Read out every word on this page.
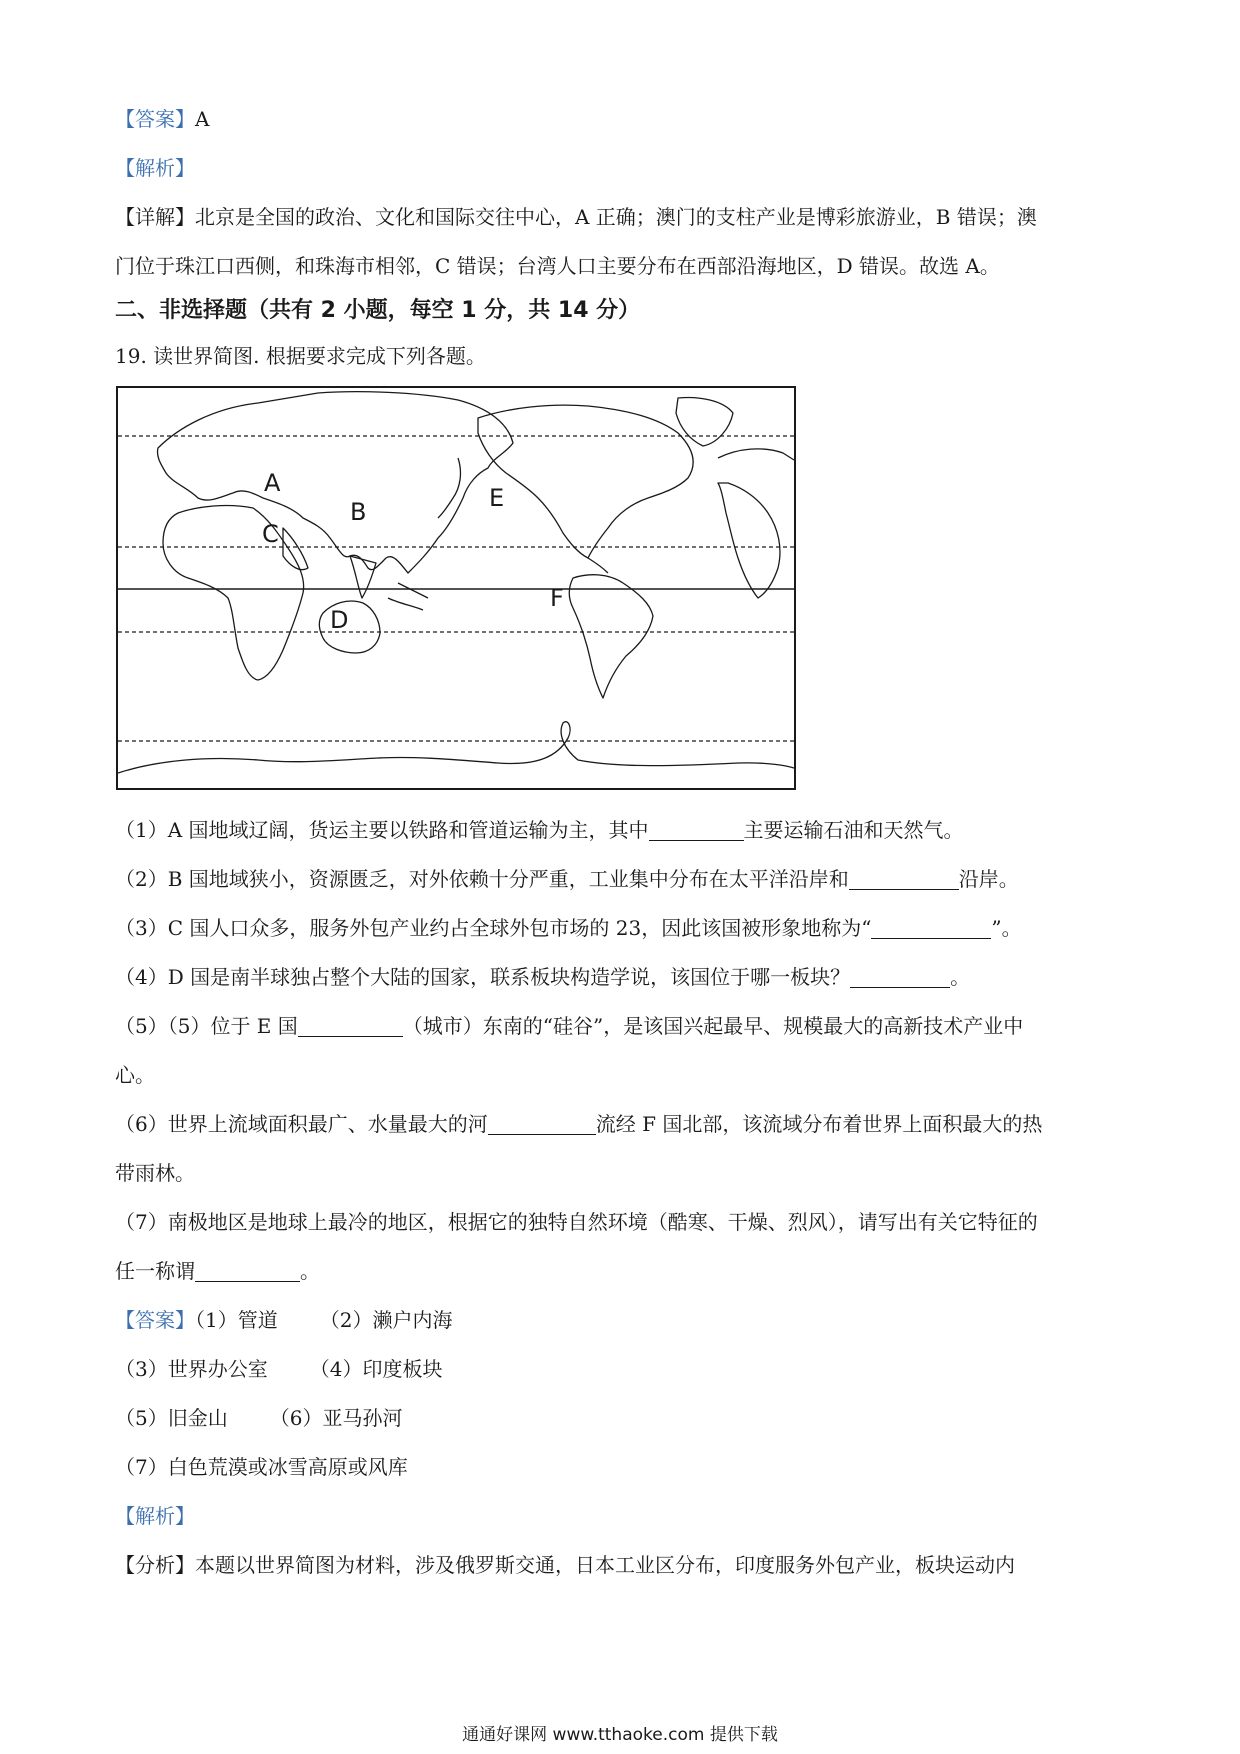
【答案】A
【解析】
【详解】北京是全国的政治、文化和国际交往中心，A 正确；澳门的支柱产业是博彩旅游业，B 错误；澳
门位于珠江口西侧，和珠海市相邻，C 错误；台湾人口主要分布在西部沿海地区，D 错误。故选 A。
二、非选择题（共有 2 小题，每空 1 分，共 14 分）
19. 读世界简图. 根据要求完成下列各题。
A
B
C
D
E
F
（1）A 国地域辽阔，货运主要以铁路和管道运输为主，其中	主要运输石油和天然气。
（2）B 国地域狭小，资源匮乏，对外依赖十分严重，工业集中分布在太平洋沿岸和	沿岸。
（3）C 国人口众多，服务外包产业约占全球外包市场的 23，因此该国被形象地称为“	”。
（4）D 国是南半球独占整个大陆的国家，联系板块构造学说，该国位于哪一板块？	。
（5）（5）位于 E 国	（城市）东南的“硅谷”，是该国兴起最早、规模最大的高新技术产业中
心。
（6）世界上流域面积最广、水量最大的河	流经 F 国北部，该流域分布着世界上面积最大的热
带雨林。
（7）南极地区是地球上最冷的地区，根据它的独特自然环境（酷寒、干燥、烈风），请写出有关它特征的
任一称谓	。
【答案】（1）管道 （2）濑户内海
（3）世界办公室 （4）印度板块
（5）旧金山 （6）亚马孙河
（7）白色荒漠或冰雪高原或风库
【解析】
【分析】本题以世界简图为材料，涉及俄罗斯交通，日本工业区分布，印度服务外包产业，板块运动内
通通好课网 www.tthaoke.com 提供下载
